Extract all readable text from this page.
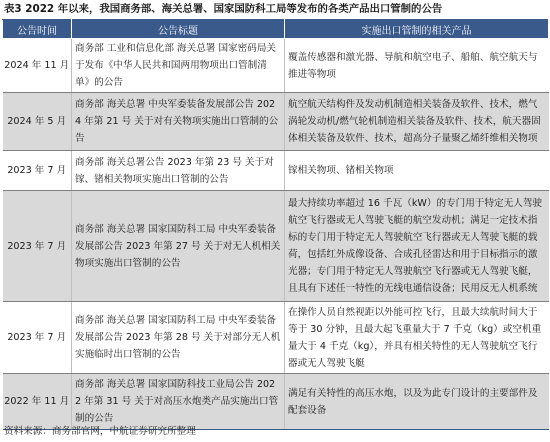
表3 2022 年以来，我国商务部、海关总署、国家国防科工局等发布的各类产品出口管制的公告
公告时间	公告标题	实施出口管制的相关产品
2024 年 11 月	商务部 工业和信息化部 海关总署 国家密码局关于发布《中华人民共和国两用物项出口管制清单》的公告	覆盖传感器和激光器、导航和航空电子、船舶、航空航天与推进等物项
2024 年 5 月	商务部 海关总署 中央军委装备发展部公告 2024 年第 21 号 关于对有关物项实施出口管制的公告	航空航天结构件及发动机制造相关装备及软件、技术，燃气涡轮发动机/燃气轮机制造相关装备及软件、技术，航天器固体相关装备及软件、技术，超高分子量聚乙烯纤维相关物项
2023 年 7 月	商务部 海关总署公告 2023 年第 23 号 关于对镓、锗相关物项实施出口管制的公告	镓相关物项、锗相关物项
2023 年 7 月	商务部 海关总署 国家国防科工局 中央军委装备发展部公告 2023 年第 27 号 关于对无人机相关物项实施出口管制的公告	最大持续功率超过 16 千瓦（kW）的专门用于特定无人驾驶航空飞行器或无人驾驶飞艇的航空发动机；满足一定技术指标的专门用于特定无人驾驶航空飞行器或无人驾驶飞艇的载荷，包括红外成像设备、合成孔径雷达和用于目标指示的激光器；专门用于特定无人驾驶航空飞行器或无人驾驶飞艇，且具有下述任一特性的无线电通信设备；民用反无人机系统
2023 年 7 月	商务部 海关总署 国家国防科工局 中央军委装备发展部公告 2023 年第 28 号 关于对部分无人机实施临时出口管制的公告	在操作人员自然视距以外能可控飞行，且最大续航时间大于等于 30 分钟，且最大起飞重量大于 7 千克（kg）或空机重量大于 4 千克（kg），并具有相关特性的无人驾驶航空飞行器或无人驾驶飞艇
2022 年 11 月	商务部 海关总署 国家国防科技工业局公告 2022 年第 31 号 关于对高压水炮类产品实施出口管制的公告	满足有关特性的高压水炮，以及为此专门设计的主要部件及配套设备
资料来源：商务部官网，中航证券研究所整理
